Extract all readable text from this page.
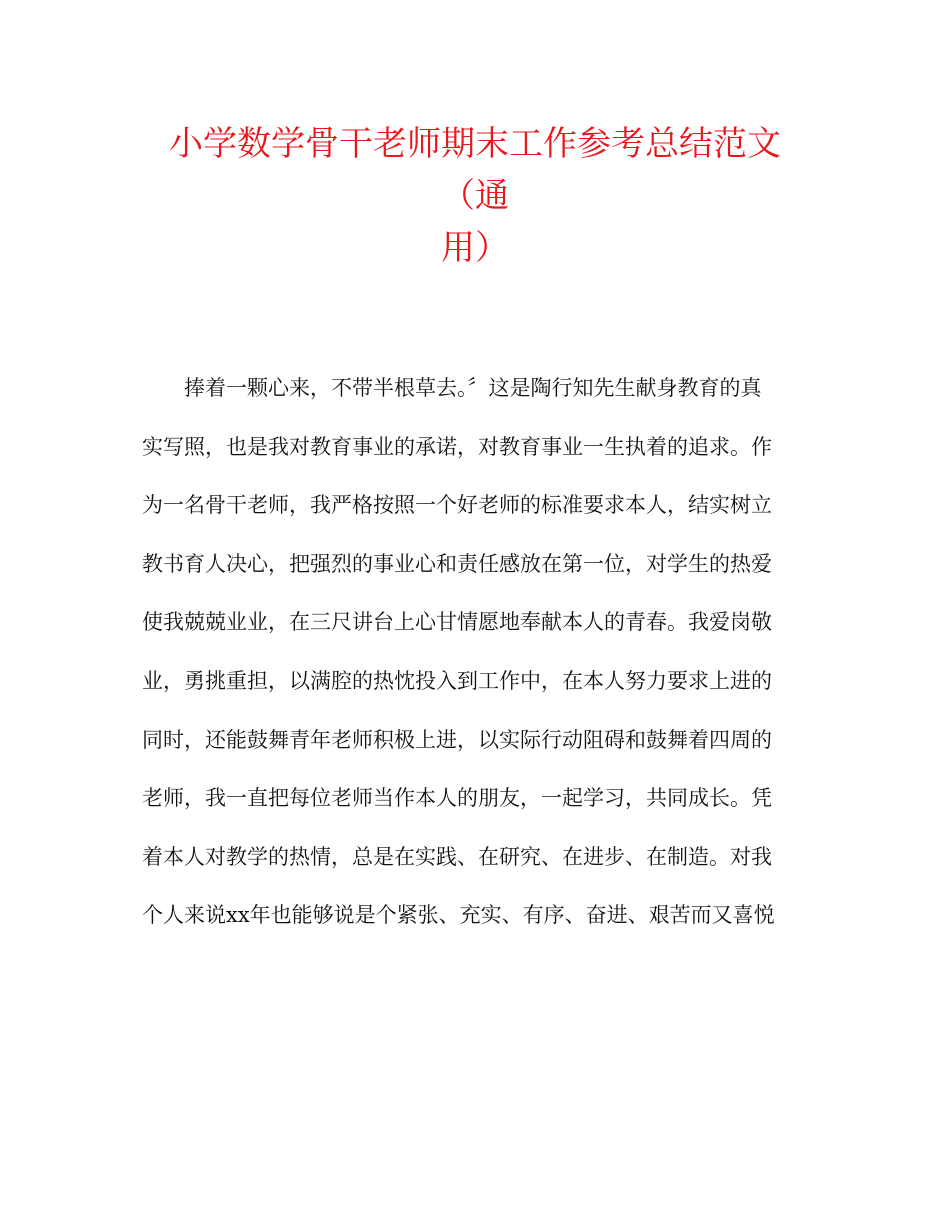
小学数学骨干老师期末工作参考总结范文（通
用）
捧着一颗心来，不带半根草去。〞这是陶行知先生献身教育的真
实写照，也是我对教育事业的承诺，对教育事业一生执着的追求。作
为一名骨干老师，我严格按照一个好老师的标准要求本人，结实树立
教书育人决心，把强烈的事业心和责任感放在第一位，对学生的热爱
使我兢兢业业，在三尺讲台上心甘情愿地奉献本人的青春。我爱岗敬
业，勇挑重担，以满腔的热忱投入到工作中，在本人努力要求上进的
同时，还能鼓舞青年老师积极上进，以实际行动阻碍和鼓舞着四周的
老师，我一直把每位老师当作本人的朋友，一起学习，共同成长。凭
着本人对教学的热情，总是在实践、在研究、在进步、在制造。对我
个人来说xx年也能够说是个紧张、充实、有序、奋进、艰苦而又喜悦
